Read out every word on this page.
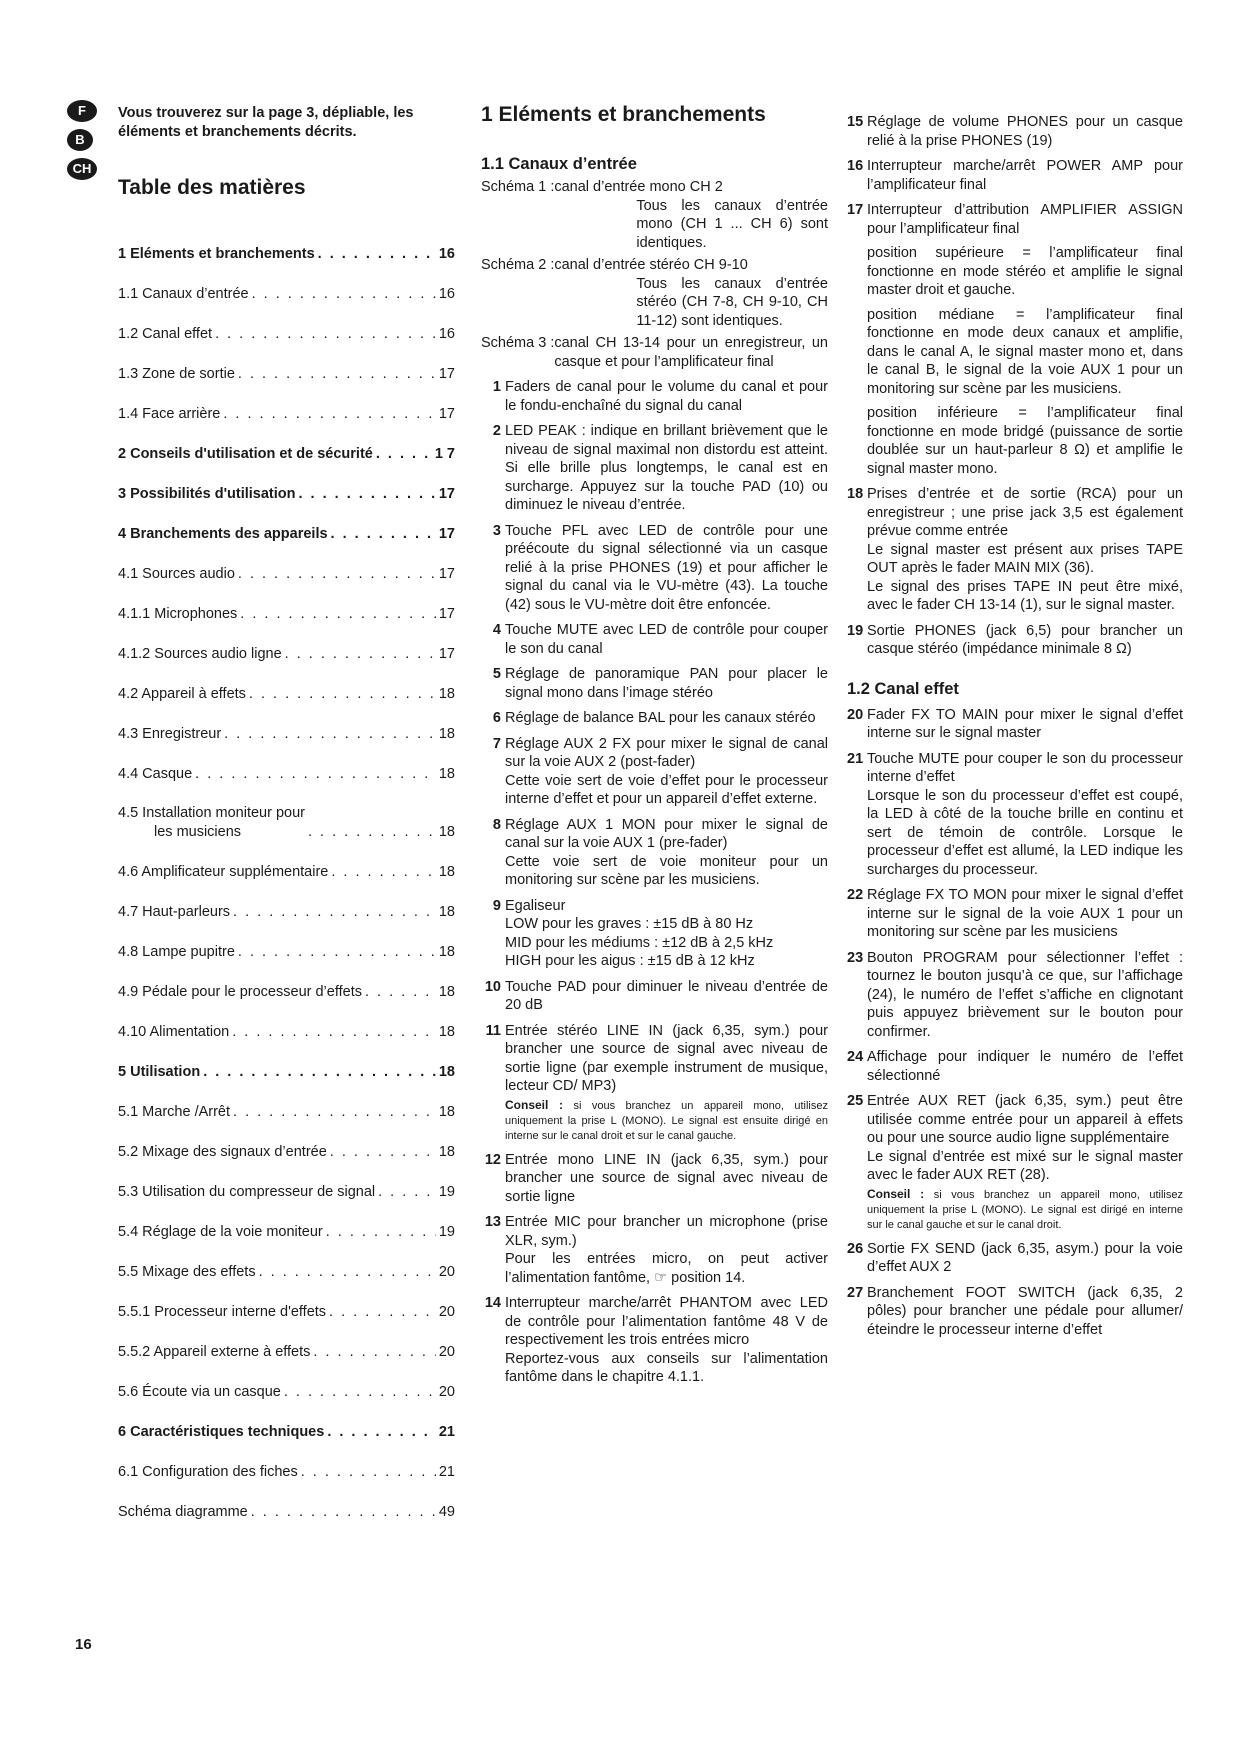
F
B
CH

Vous trouverez sur la page 3, dépliable, les éléments et branchements décrits.

Table des matières
1 Eléments et branchements . . .	16
1.1 Canaux d’entrée . . .	16
1.2 Canal effet . . .	16
1.3 Zone de sortie . . .	17
1.4 Face arrière . . .	17
2 Conseils d'utilisation et de sécurité . . .	1 7
3 Possibilités d'utilisation . . .	17
4 Branchements des appareils . . .	17
4.1 Sources audio . . .	17
4.1.1 Microphones . . .	17
4.1.2 Sources audio ligne . . .	17
4.2 Appareil à effets . . .	18
4.3 Enregistreur . . .	18
4.4 Casque . . .	18
4.5 Installation moniteur pour
les musiciens . . .	18
4.6 Amplificateur supplémentaire . . .	18
4.7 Haut-parleurs . . .	18
4.8 Lampe pupitre . . .	18
4.9 Pédale pour le processeur d’effets . . .	18
4.10 Alimentation . . .	18
5 Utilisation . . .	18
5.1 Marche /Arrêt . . .	18
5.2 Mixage des signaux d’entrée . . .	18
5.3 Utilisation du compresseur de signal . . .	19
5.4 Réglage de la voie moniteur . . .	19
5.5 Mixage des effets . . .	20
5.5.1 Processeur interne d'effets . . .	20
5.5.2 Appareil externe à effets . . .	20
5.6 Écoute via un casque . . .	20
6 Caractéristiques techniques . . .	21
6.1 Configuration des fiches . . .	21
Schéma diagramme . . .	49
1 Eléments et branchements
1.1 Canaux d’entrée
Schéma 1 : canal d’entrée mono CH 2
Tous les canaux d’entrée mono (CH 1 ... CH 6) sont identiques.
Schéma 2 : canal d’entrée stéréo CH 9-10
Tous les canaux d’entrée stéréo (CH 7-8, CH 9-10, CH 11-12) sont identiques.
Schéma 3 : canal CH 13-14 pour un enregistreur, un casque et pour l’amplificateur final
1 Faders de canal pour le volume du canal et pour le fondu-enchaîné du signal du canal

2 LED PEAK : indique en brillant brièvement que le niveau de signal maximal non distordu est atteint. Si elle brille plus longtemps, le canal est en surcharge. Appuyez sur la touche PAD (10) ou diminuez le niveau d’entrée.

3 Touche PFL avec LED de contrôle pour une préécoute du signal sélectionné via un casque relié à la prise PHONES (19) et pour afficher le signal du canal via le VU-mètre (43). La touche (42) sous le VU-mètre doit être enfoncée.

4 Touche MUTE avec LED de contrôle pour couper le son du canal

5 Réglage de panoramique PAN pour placer le signal mono dans l’image stéréo

6 Réglage de balance BAL pour les canaux stéréo

7 Réglage AUX 2 FX pour mixer le signal de canal sur la voie AUX 2 (post-fader)

Cette voie sert de voie d’effet pour le processeur interne d’effet et pour un appareil d’effet externe.

8 Réglage AUX 1 MON pour mixer le signal de canal sur la voie AUX 1 (pre-fader)

Cette voie sert de voie moniteur pour un monitoring sur scène par les musiciens.

9 Egaliseur

LOW pour les graves : ±15 dB à 80 Hz

MID pour les médiums : ±12 dB à 2,5 kHz

HIGH pour les aigus : ±15 dB à 12 kHz

10 Touche PAD pour diminuer le niveau d’entrée de 20 dB

11 Entrée stéréo LINE IN (jack 6,35, sym.) pour brancher une source de signal avec niveau de sortie ligne (par exemple instrument de musique, lecteur CD/ MP3)

Conseil : si vous branchez un appareil mono, utilisez uniquement la prise L (MONO). Le signal est ensuite dirigé en interne sur le canal droit et sur le canal gauche.

12 Entrée mono LINE IN (jack 6,35, sym.) pour brancher une source de signal avec niveau de sortie ligne

13 Entrée MIC pour brancher un microphone (prise XLR, sym.)

Pour les entrées micro, on peut activer l’alimentation fantôme, ☞ position 14.

14 Interrupteur marche/arrêt PHANTOM avec LED de contrôle pour l’alimentation fantôme 48 V de respectivement les trois entrées micro

Reportez-vous aux conseils sur l’alimentation fantôme dans le chapitre 4.1.1.

15 Réglage de volume PHONES pour un casque relié à la prise PHONES (19)

16 Interrupteur marche/arrêt POWER AMP pour l’amplificateur final

17 Interrupteur d’attribution AMPLIFIER ASSIGN pour l’amplificateur final

position supérieure = l’amplificateur final fonctionne en mode stéréo et amplifie le signal master droit et gauche.

position médiane = l’amplificateur final fonctionne en mode deux canaux et amplifie, dans le canal A, le signal master mono et, dans le canal B, le signal de la voie AUX 1 pour un monitoring sur scène par les musiciens.

position inférieure = l’amplificateur final fonctionne en mode bridgé (puissance de sortie doublée sur un haut-parleur 8 Ω) et amplifie le signal master mono.

18 Prises d’entrée et de sortie (RCA) pour un enregistreur ; une prise jack 3,5 est également prévue comme entrée

Le signal master est présent aux prises TAPE OUT après le fader MAIN MIX (36).

Le signal des prises TAPE IN peut être mixé, avec le fader CH 13-14 (1), sur le signal master.

19 Sortie PHONES (jack 6,5) pour brancher un casque stéréo (impédance minimale 8 Ω)

1.2 Canal effet
20 Fader FX TO MAIN pour mixer le signal d’effet interne sur le signal master

21 Touche MUTE pour couper le son du processeur interne d’effet

Lorsque le son du processeur d’effet est coupé, la LED à côté de la touche brille en continu et sert de témoin de contrôle. Lorsque le processeur d’effet est allumé, la LED indique les surcharges du processeur.

22 Réglage FX TO MON pour mixer le signal d’effet interne sur le signal de la voie AUX 1 pour un monitoring sur scène par les musiciens

23 Bouton PROGRAM pour sélectionner l’effet : tournez le bouton jusqu’à ce que, sur l’affichage (24), le numéro de l’effet s’affiche en clignotant puis appuyez brièvement sur le bouton pour confirmer.

24 Affichage pour indiquer le numéro de l’effet sélectionné

25 Entrée AUX RET (jack 6,35, sym.) peut être utilisée comme entrée pour un appareil à effets ou pour une source audio ligne supplémentaire

Le signal d’entrée est mixé sur le signal master avec le fader AUX RET (28).

Conseil : si vous branchez un appareil mono, utilisez uniquement la prise L (MONO). Le signal est dirigé en interne sur le canal gauche et sur le canal droit.

26 Sortie FX SEND (jack 6,35, asym.) pour la voie d’effet AUX 2

27 Branchement FOOT SWITCH (jack 6,35, 2 pôles) pour brancher une pédale pour allumer/ éteindre le processeur interne d’effet

16
